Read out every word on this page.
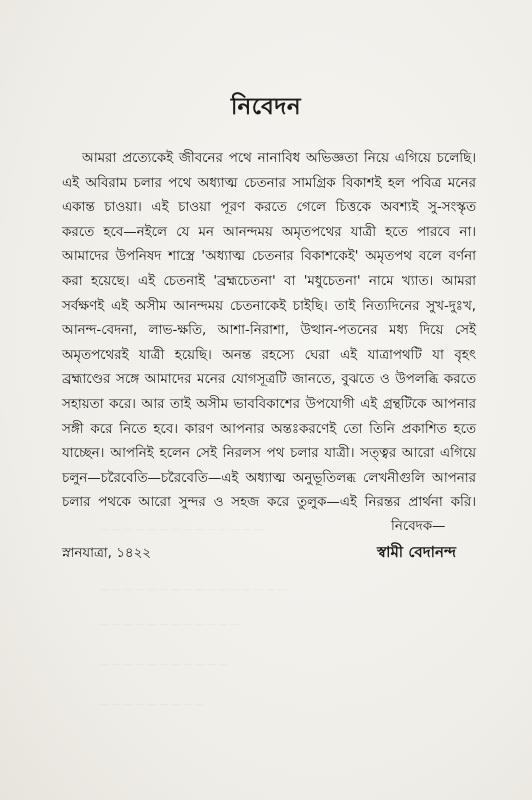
— — — — — — — — — — — — — —
— — — — — — — — — — — — — — — —
— — — — — — — — — — — —
— — — — — — — — — — —
— — — — — — — — —
নিবেদন
আমরা প্রত্যেকেই জীবনের পথে নানাবিধ অভিজ্ঞতা নিয়ে এগিয়ে চলেছি।
এই অবিরাম চলার পথে অধ্যাত্ম চেতনার সামগ্রিক বিকাশই হল পবিত্র মনের
একান্ত চাওয়া। এই চাওয়া পূরণ করতে গেলে চিত্তকে অবশ্যই সু-সংস্কৃত
করতে হবে—নইলে যে মন আনন্দময় অমৃতপথের যাত্রী হতে পারবে না।
আমাদের উপনিষদ শাস্ত্রে 'অধ্যাত্ম চেতনার বিকাশকেই' অমৃতপথ বলে বর্ণনা
করা হয়েছে। এই চেতনাই 'ব্রহ্মচেতনা' বা 'মধুচেতনা' নামে খ্যাত। আমরা
সর্বক্ষণই এই অসীম আনন্দময় চেতনাকেই চাইছি। তাই নিত্যদিনের সুখ-দুঃখ,
আনন্দ-বেদনা, লাভ-ক্ষতি, আশা-নিরাশা, উত্থান-পতনের মধ্য দিয়ে সেই
অমৃতপথেরই যাত্রী হয়েছি। অনন্ত রহস্যে ঘেরা এই যাত্রাপথটি যা বৃহৎ
ব্রহ্মাণ্ডের সঙ্গে আমাদের মনের যোগসূত্রটি জানতে, বুঝতে ও উপলব্ধি করতে
সহায়তা করে। আর তাই অসীম ভাববিকাশের উপযোগী এই গ্রন্থটিকে আপনার
সঙ্গী করে নিতে হবে। কারণ আপনার অন্তঃকরণেই তো তিনি প্রকাশিত হতে
যাচ্ছেন। আপনিই হলেন সেই নিরলস পথ চলার যাত্রী। সত্ত্বর আরো এগিয়ে
চলুন—চরৈবেতি—চরৈবেতি—এই অধ্যাত্ম অনুভূতিলব্ধ লেখনীগুলি আপনার
চলার পথকে আরো সুন্দর ও সহজ করে তুলুক—এই নিরন্তর প্রার্থনা করি।
নিবেদক—
স্নানযাত্রা, ১৪২২	স্বামী বেদানন্দ
